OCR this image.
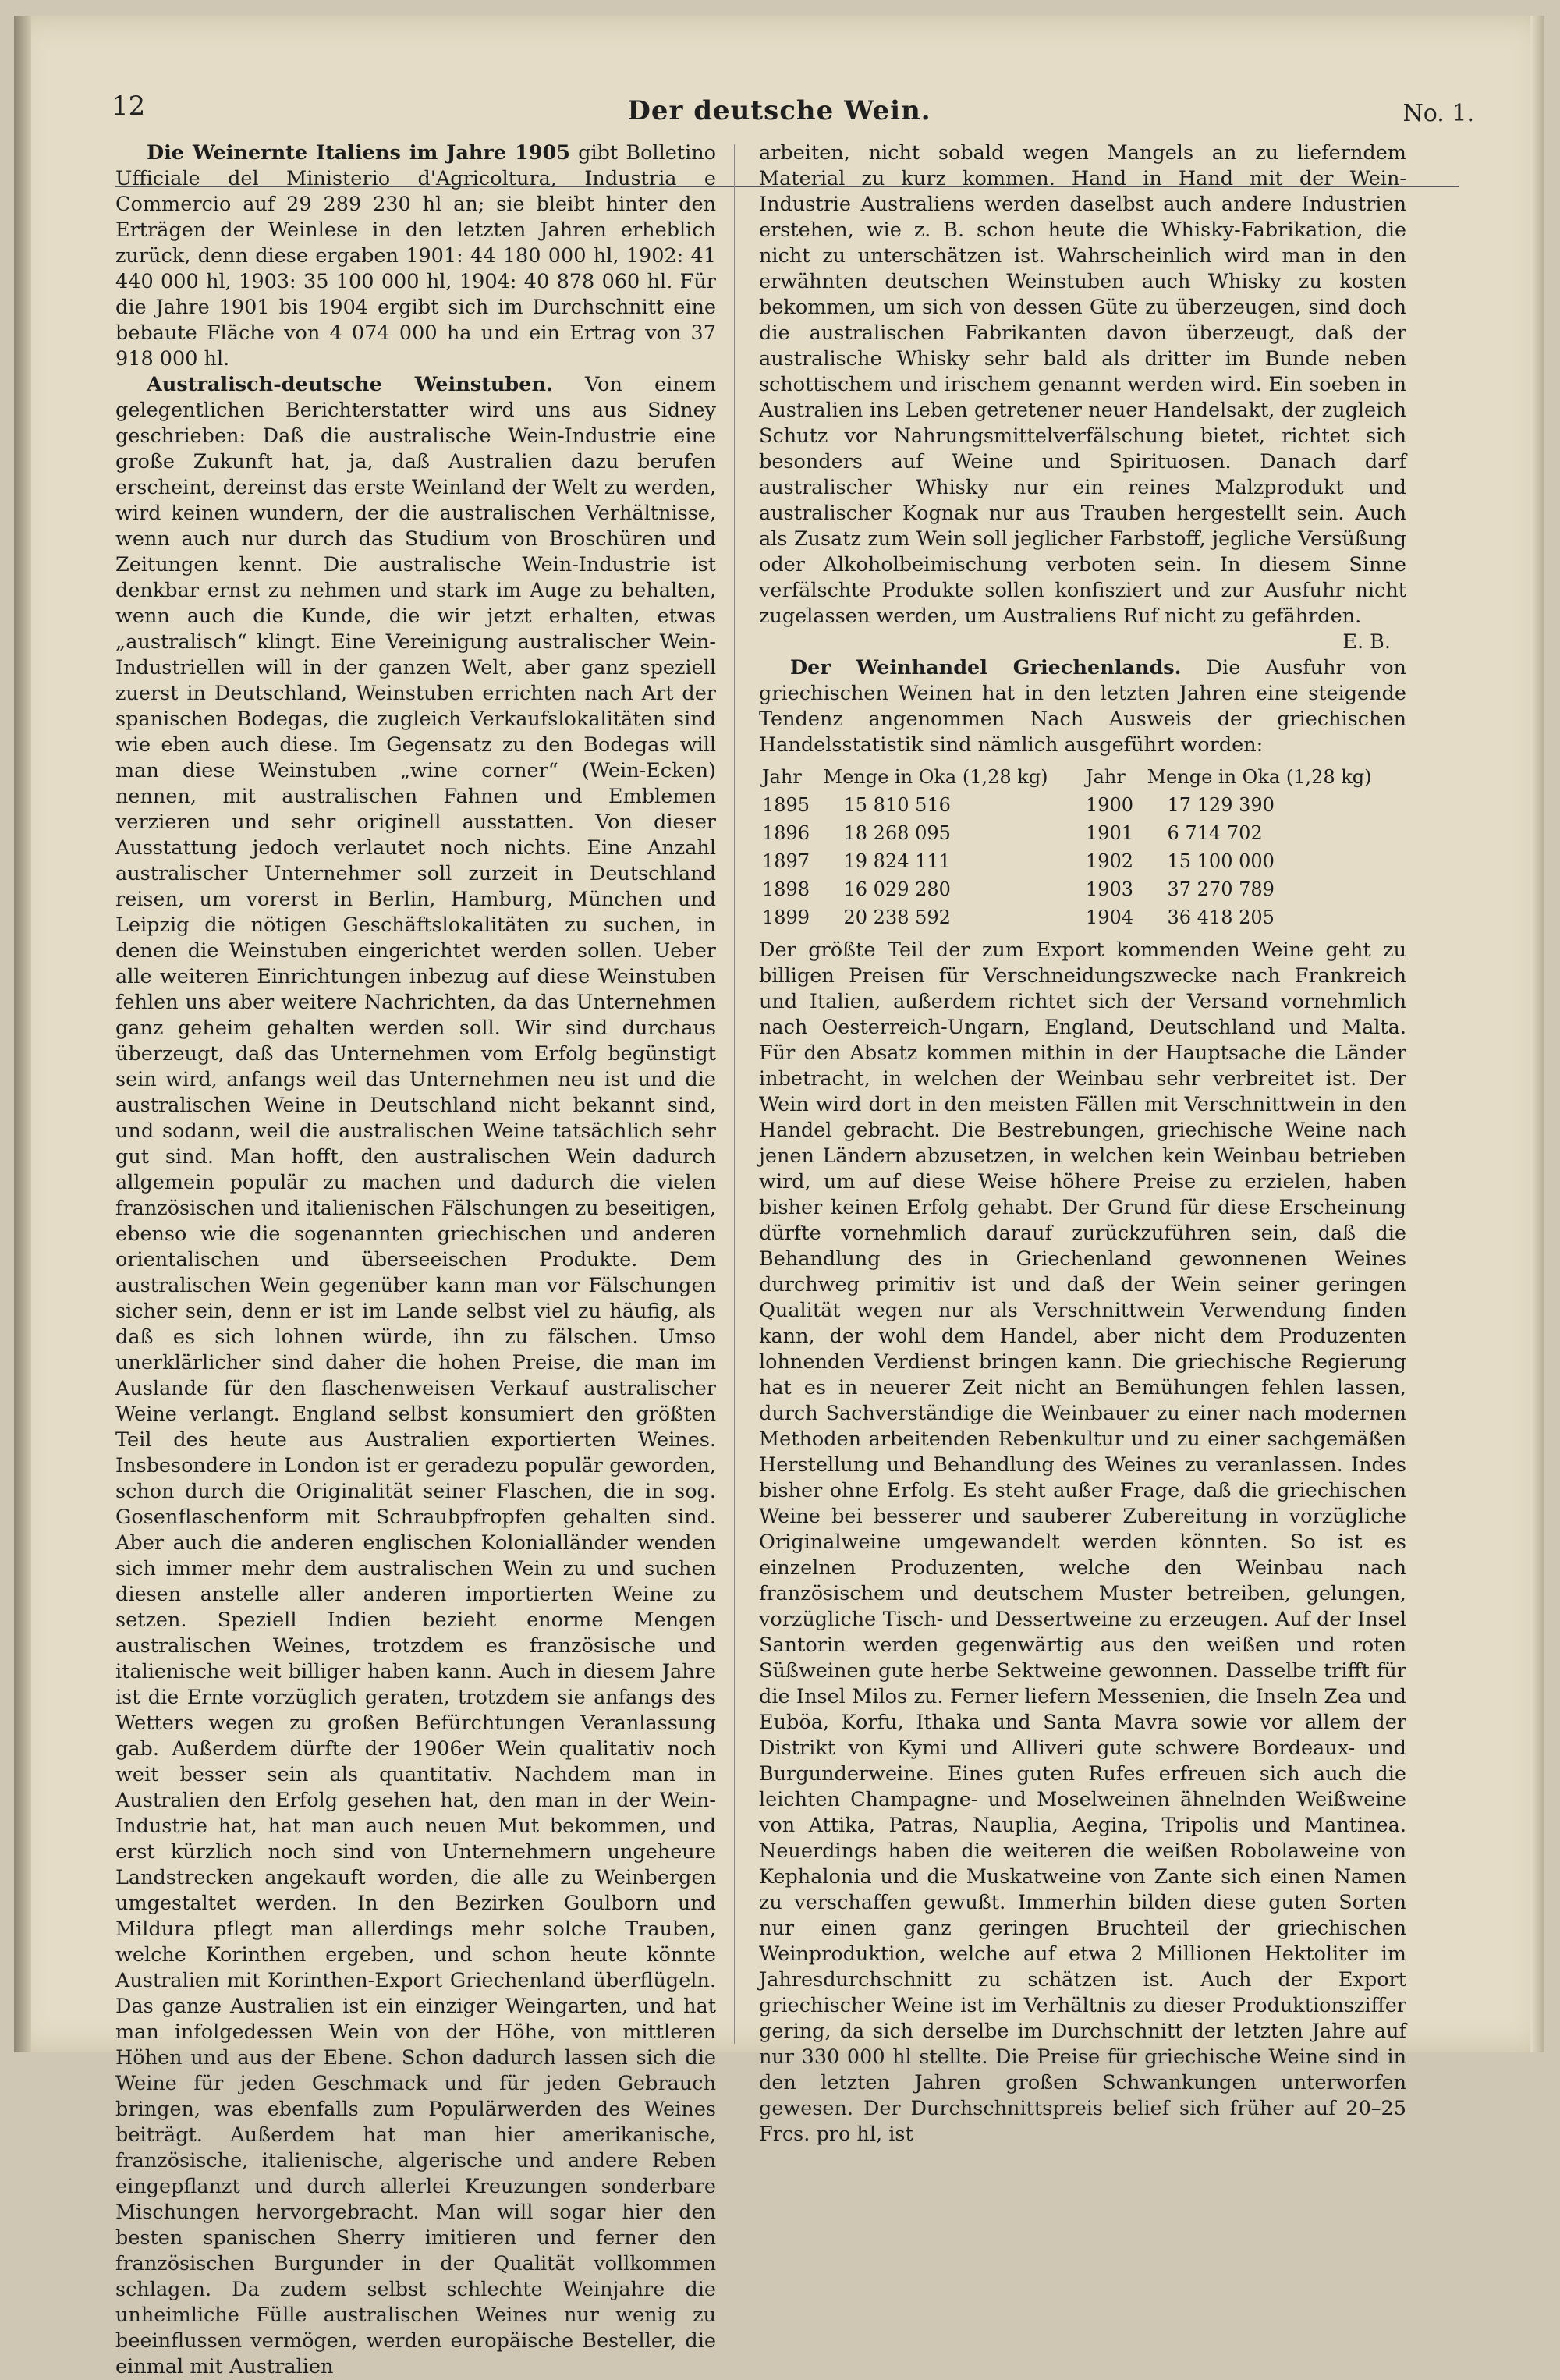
12	Der deutsche Wein.	No. 1.

Die Weinernte Italiens im Jahre 1905 gibt Bolletino Ufficiale del Ministerio d'Agricoltura, Industria e Commercio auf 29 289 230 hl an; sie bleibt hinter den Erträgen der Weinlese in den letzten Jahren erheblich zurück, denn diese ergaben 1901: 44 180 000 hl, 1902: 41 440 000 hl, 1903: 35 100 000 hl, 1904: 40 878 060 hl. Für die Jahre 1901 bis 1904 ergibt sich im Durchschnitt eine bebaute Fläche von 4 074 000 ha und ein Ertrag von 37 918 000 hl.

Australisch-deutsche Weinstuben. Von einem gelegentlichen Berichterstatter wird uns aus Sidney geschrieben: Daß die australische Wein-Industrie eine große Zukunft hat, ja, daß Australien dazu berufen erscheint, dereinst das erste Weinland der Welt zu werden, wird keinen wundern, der die australischen Verhältnisse, wenn auch nur durch das Studium von Broschüren und Zeitungen kennt. Die australische Wein-Industrie ist denkbar ernst zu nehmen und stark im Auge zu behalten, wenn auch die Kunde, die wir jetzt erhalten, etwas „australisch“ klingt. Eine Vereinigung australischer Wein-Industriellen will in der ganzen Welt, aber ganz speziell zuerst in Deutschland, Weinstuben errichten nach Art der spanischen Bodegas, die zugleich Verkaufslokalitäten sind wie eben auch diese. Im Gegensatz zu den Bodegas will man diese Weinstuben „wine corner“ (Wein-Ecken) nennen, mit australischen Fahnen und Emblemen verzieren und sehr originell ausstatten. Von dieser Ausstattung jedoch verlautet noch nichts. Eine Anzahl australischer Unternehmer soll zurzeit in Deutschland reisen, um vorerst in Berlin, Hamburg, München und Leipzig die nötigen Geschäftslokalitäten zu suchen, in denen die Weinstuben eingerichtet werden sollen. Ueber alle weiteren Einrichtungen inbezug auf diese Weinstuben fehlen uns aber weitere Nachrichten, da das Unternehmen ganz geheim gehalten werden soll. Wir sind durchaus überzeugt, daß das Unternehmen vom Erfolg begünstigt sein wird, anfangs weil das Unternehmen neu ist und die australischen Weine in Deutschland nicht bekannt sind, und sodann, weil die australischen Weine tatsächlich sehr gut sind. Man hofft, den australischen Wein dadurch allgemein populär zu machen und dadurch die vielen französischen und italienischen Fälschungen zu beseitigen, ebenso wie die sogenannten griechischen und anderen orientalischen und überseeischen Produkte. Dem australischen Wein gegenüber kann man vor Fälschungen sicher sein, denn er ist im Lande selbst viel zu häufig, als daß es sich lohnen würde, ihn zu fälschen. Umso unerklärlicher sind daher die hohen Preise, die man im Auslande für den flaschenweisen Verkauf australischer Weine verlangt. England selbst konsumiert den größten Teil des heute aus Australien exportierten Weines. Insbesondere in London ist er geradezu populär geworden, schon durch die Originalität seiner Flaschen, die in sog. Gosenflaschenform mit Schraubpfropfen gehalten sind. Aber auch die anderen englischen Kolonialländer wenden sich immer mehr dem australischen Wein zu und suchen diesen anstelle aller anderen importierten Weine zu setzen. Speziell Indien bezieht enorme Mengen australischen Weines, trotzdem es französische und italienische weit billiger haben kann. Auch in diesem Jahre ist die Ernte vorzüglich geraten, trotzdem sie anfangs des Wetters wegen zu großen Befürchtungen Veranlassung gab. Außerdem dürfte der 1906er Wein qualitativ noch weit besser sein als quantitativ. Nachdem man in Australien den Erfolg gesehen hat, den man in der Wein-Industrie hat, hat man auch neuen Mut bekommen, und erst kürzlich noch sind von Unternehmern ungeheure Landstrecken angekauft worden, die alle zu Weinbergen umgestaltet werden. In den Bezirken Goulborn und Mildura pflegt man allerdings mehr solche Trauben, welche Korinthen ergeben, und schon heute könnte Australien mit Korinthen-Export Griechenland überflügeln. Das ganze Australien ist ein einziger Weingarten, und hat man infolgedessen Wein von der Höhe, von mittleren Höhen und aus der Ebene. Schon dadurch lassen sich die Weine für jeden Geschmack und für jeden Gebrauch bringen, was ebenfalls zum Populärwerden des Weines beiträgt. Außerdem hat man hier amerikanische, französische, italienische, algerische und andere Reben eingepflanzt und durch allerlei Kreuzungen sonderbare Mischungen hervorgebracht. Man will sogar hier den besten spanischen Sherry imitieren und ferner den französischen Burgunder in der Qualität vollkommen schlagen. Da zudem selbst schlechte Weinjahre die unheimliche Fülle australischen Weines nur wenig zu beeinflussen vermögen, werden europäische Besteller, die einmal mit Australien

arbeiten, nicht sobald wegen Mangels an zu lieferndem Material zu kurz kommen. Hand in Hand mit der Wein-Industrie Australiens werden daselbst auch andere Industrien erstehen, wie z. B. schon heute die Whisky-Fabrikation, die nicht zu unterschätzen ist. Wahrscheinlich wird man in den erwähnten deutschen Weinstuben auch Whisky zu kosten bekommen, um sich von dessen Güte zu überzeugen, sind doch die australischen Fabrikanten davon überzeugt, daß der australische Whisky sehr bald als dritter im Bunde neben schottischem und irischem genannt werden wird. Ein soeben in Australien ins Leben getretener neuer Handelsakt, der zugleich Schutz vor Nahrungsmittelverfälschung bietet, richtet sich besonders auf Weine und Spirituosen. Danach darf australischer Whisky nur ein reines Malzprodukt und australischer Kognak nur aus Trauben hergestellt sein. Auch als Zusatz zum Wein soll jeglicher Farbstoff, jegliche Versüßung oder Alkoholbeimischung verboten sein. In diesem Sinne verfälschte Produkte sollen konfisziert und zur Ausfuhr nicht zugelassen werden, um Australiens Ruf nicht zu gefährden.

E. B.

Der Weinhandel Griechenlands. Die Ausfuhr von griechischen Weinen hat in den letzten Jahren eine steigende Tendenz angenommen Nach Ausweis der griechischen Handelsstatistik sind nämlich ausgeführt worden:

Jahr	Menge in Oka (1,28 kg)	Jahr	Menge in Oka (1,28 kg)
1895	15 810 516	1900	17 129 390
1896	18 268 095	1901	6 714 702
1897	19 824 111	1902	15 100 000
1898	16 029 280	1903	37 270 789
1899	20 238 592	1904	36 418 205

Der größte Teil der zum Export kommenden Weine geht zu billigen Preisen für Verschneidungszwecke nach Frankreich und Italien, außerdem richtet sich der Versand vornehmlich nach Oesterreich-Ungarn, England, Deutschland und Malta. Für den Absatz kommen mithin in der Hauptsache die Länder inbetracht, in welchen der Weinbau sehr verbreitet ist. Der Wein wird dort in den meisten Fällen mit Verschnittwein in den Handel gebracht. Die Bestrebungen, griechische Weine nach jenen Ländern abzusetzen, in welchen kein Weinbau betrieben wird, um auf diese Weise höhere Preise zu erzielen, haben bisher keinen Erfolg gehabt. Der Grund für diese Erscheinung dürfte vornehmlich darauf zurückzuführen sein, daß die Behandlung des in Griechenland gewonnenen Weines durchweg primitiv ist und daß der Wein seiner geringen Qualität wegen nur als Verschnittwein Verwendung finden kann, der wohl dem Handel, aber nicht dem Produzenten lohnenden Verdienst bringen kann. Die griechische Regierung hat es in neuerer Zeit nicht an Bemühungen fehlen lassen, durch Sachverständige die Weinbauer zu einer nach modernen Methoden arbeitenden Rebenkultur und zu einer sachgemäßen Herstellung und Behandlung des Weines zu veranlassen. Indes bisher ohne Erfolg. Es steht außer Frage, daß die griechischen Weine bei besserer und sauberer Zubereitung in vorzügliche Originalweine umgewandelt werden könnten. So ist es einzelnen Produzenten, welche den Weinbau nach französischem und deutschem Muster betreiben, gelungen, vorzügliche Tisch- und Dessertweine zu erzeugen. Auf der Insel Santorin werden gegenwärtig aus den weißen und roten Süßweinen gute herbe Sektweine gewonnen. Dasselbe trifft für die Insel Milos zu. Ferner liefern Messenien, die Inseln Zea und Euböa, Korfu, Ithaka und Santa Mavra sowie vor allem der Distrikt von Kymi und Alliveri gute schwere Bordeaux- und Burgunderweine. Eines guten Rufes erfreuen sich auch die leichten Champagne- und Moselweinen ähnelnden Weißweine von Attika, Patras, Nauplia, Aegina, Tripolis und Mantinea. Neuerdings haben die weiteren die weißen Robolaweine von Kephalonia und die Muskatweine von Zante sich einen Namen zu verschaffen gewußt. Immerhin bilden diese guten Sorten nur einen ganz geringen Bruchteil der griechischen Weinproduktion, welche auf etwa 2 Millionen Hektoliter im Jahresdurchschnitt zu schätzen ist. Auch der Export griechischer Weine ist im Verhältnis zu dieser Produktionsziffer gering, da sich derselbe im Durchschnitt der letzten Jahre auf nur 330 000 hl stellte. Die Preise für griechische Weine sind in den letzten Jahren großen Schwankungen unterworfen gewesen. Der Durchschnittspreis belief sich früher auf 20–25 Frcs. pro hl, ist
